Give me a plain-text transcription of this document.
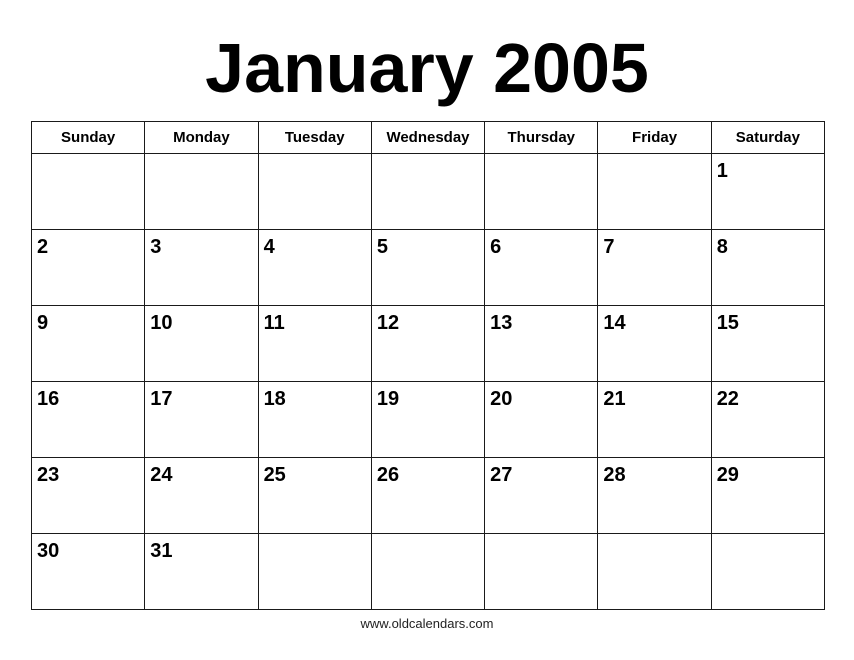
January 2005
Sunday	Monday	Tuesday	Wednesday	Thursday	Friday	Saturday

						1

2	3	4	5	6	7	8

9	10	11	12	13	14	15

16	17	18	19	20	21	22

23	24	25	26	27	28	29

30	31					

www.oldcalendars.com
